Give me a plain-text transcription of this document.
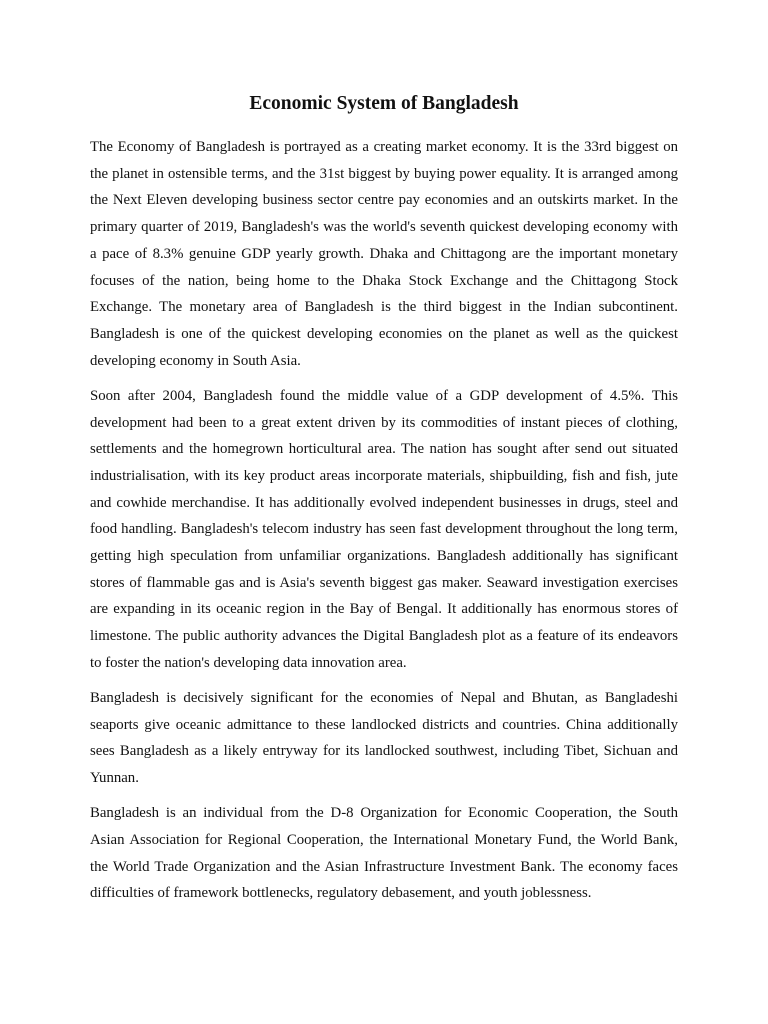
Economic System of Bangladesh

The Economy of Bangladesh is portrayed as a creating market economy. It is the 33rd biggest on the planet in ostensible terms, and the 31st biggest by buying power equality. It is arranged among the Next Eleven developing business sector centre pay economies and an outskirts market. In the primary quarter of 2019, Bangladesh's was the world's seventh quickest developing economy with a pace of 8.3% genuine GDP yearly growth. Dhaka and Chittagong are the important monetary focuses of the nation, being home to the Dhaka Stock Exchange and the Chittagong Stock Exchange. The monetary area of Bangladesh is the third biggest in the Indian subcontinent. Bangladesh is one of the quickest developing economies on the planet as well as the quickest developing economy in South Asia.

Soon after 2004, Bangladesh found the middle value of a GDP development of 4.5%. This development had been to a great extent driven by its commodities of instant pieces of clothing, settlements and the homegrown horticultural area. The nation has sought after send out situated industrialisation, with its key product areas incorporate materials, shipbuilding, fish and fish, jute and cowhide merchandise. It has additionally evolved independent businesses in drugs, steel and food handling. Bangladesh's telecom industry has seen fast development throughout the long term, getting high speculation from unfamiliar organizations. Bangladesh additionally has significant stores of flammable gas and is Asia's seventh biggest gas maker. Seaward investigation exercises are expanding in its oceanic region in the Bay of Bengal. It additionally has enormous stores of limestone. The public authority advances the Digital Bangladesh plot as a feature of its endeavors to foster the nation's developing data innovation area.

Bangladesh is decisively significant for the economies of Nepal and Bhutan, as Bangladeshi seaports give oceanic admittance to these landlocked districts and countries. China additionally sees Bangladesh as a likely entryway for its landlocked southwest, including Tibet, Sichuan and Yunnan.

Bangladesh is an individual from the D-8 Organization for Economic Cooperation, the South Asian Association for Regional Cooperation, the International Monetary Fund, the World Bank, the World Trade Organization and the Asian Infrastructure Investment Bank. The economy faces difficulties of framework bottlenecks, regulatory debasement, and youth joblessness.
